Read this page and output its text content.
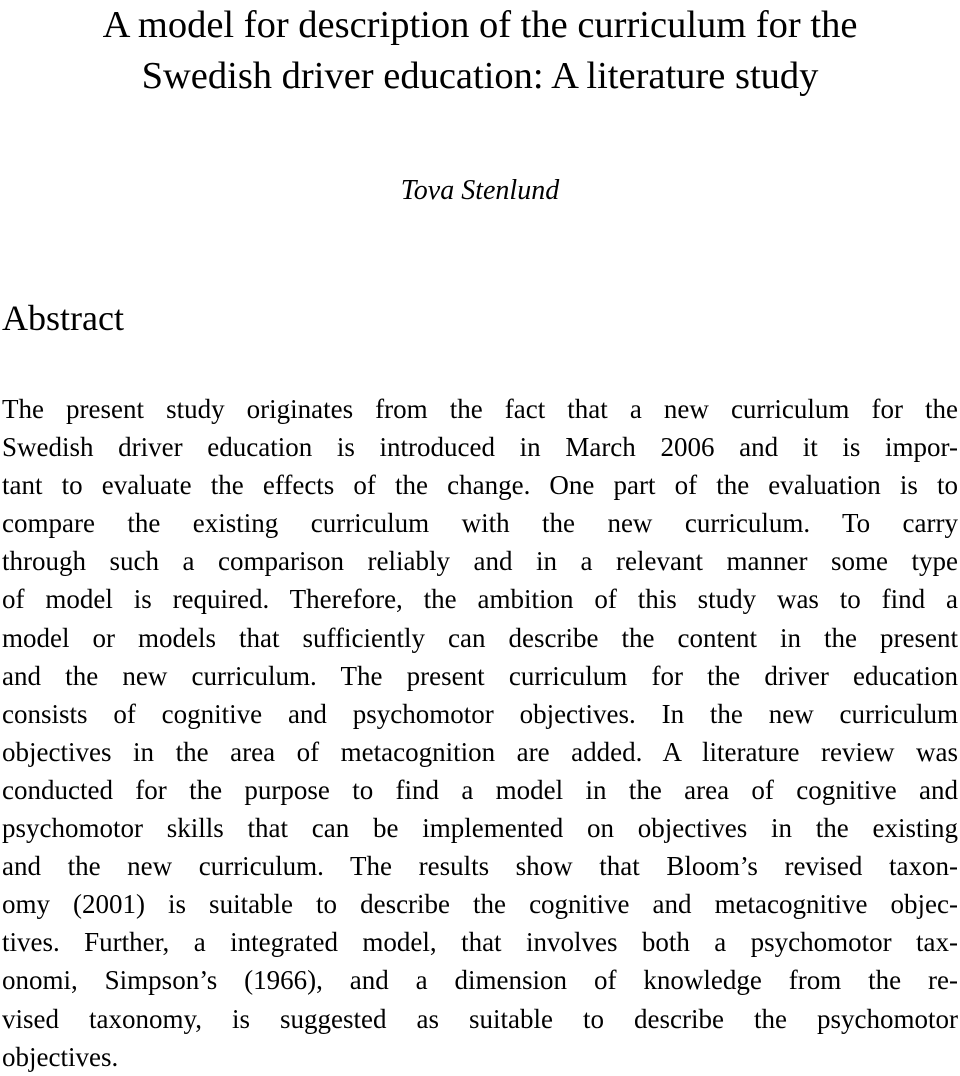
A model for description of the curriculum for the
Swedish driver education: A literature study

Tova Stenlund

Abstract
The present study originates from the fact that a new curriculum for the
Swedish driver education is introduced in March 2006 and it is impor-
tant to evaluate the effects of the change. One part of the evaluation is to
compare the existing curriculum with the new curriculum. To carry
through such a comparison reliably and in a relevant manner some type
of model is required. Therefore, the ambition of this study was to find a
model or models that sufficiently can describe the content in the present
and the new curriculum. The present curriculum for the driver education
consists of cognitive and psychomotor objectives. In the new curriculum
objectives in the area of metacognition are added. A literature review was
conducted for the purpose to find a model in the area of cognitive and
psychomotor skills that can be implemented on objectives in the existing
and the new curriculum. The results show that Bloom’s revised taxon-
omy (2001) is suitable to describe the cognitive and metacognitive objec-
tives. Further, a integrated model, that involves both a psychomotor tax-
onomi, Simpson’s (1966), and a dimension of knowledge from the re-
vised taxonomy, is suggested as suitable to describe the psychomotor
objectives.
